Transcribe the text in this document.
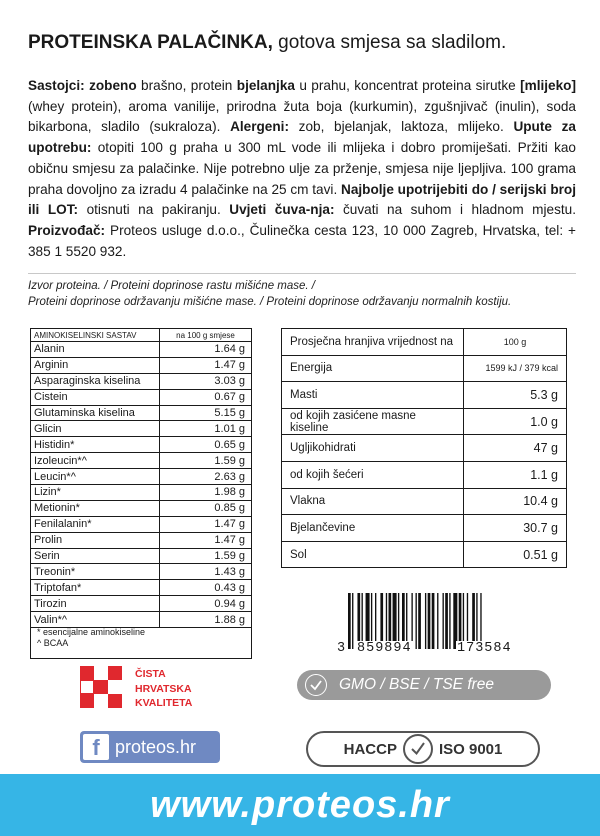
PROTEINSKA PALAČINKA, gotova smjesa sa sladilom.
Sastojci: zobeno brašno, protein bjelanjka u prahu, koncentrat proteina sirutke [mlijeko] (whey protein), aroma vanilije, prirodna žuta boja (kurkumin), zgušnjivač (inulin), soda bikarbona, sladilo (sukraloza). Alergeni: zob, bjelanjak, laktoza, mlijeko. Upute za upotrebu: otopiti 100 g praha u 300 mL vode ili mlijeka i dobro promiješati. Pržiti kao običnu smjesu za palačinke. Nije potrebno ulje za prženje, smjesa nije ljepljiva. 100 grama praha dovoljno za izradu 4 palačinke na 25 cm tavi. Najbolje upotrijebiti do / serijski broj ili LOT: otisnuti na pakiranju. Uvjeti čuva-nja: čuvati na suhom i hladnom mjestu. Proizvođač: Proteos usluge d.o.o., Čulinečka cesta 123, 10 000 Zagreb, Hrvatska, tel: + 385 1 5520 932.
Izvor proteina. / Proteini doprinose rastu mišićne mase. /
Proteini doprinose održavanju mišićne mase. / Proteini doprinose održavanju normalnih kostiju.
AMINOKISELINSKI SASTAV	na 100 g smjese
Alanin	1.64 g
Arginin	1.47 g
Asparaginska kiselina	3.03 g
Cistein	0.67 g
Glutaminska kiselina	5.15 g
Glicin	1.01 g
Histidin*	0.65 g
Izoleucin*^	1.59 g
Leucin*^	2.63 g
Lizin*	1.98 g
Metionin*	0.85 g
Fenilalanin*	1.47 g
Prolin	1.47 g
Serin	1.59 g
Treonin*	1.43 g
Triptofan*	0.43 g
Tirozin	0.94 g
Valin*^	1.88 g
* esencijalne aminokiseline
^ BCAA
Prosječna hranjiva vrijednost na	100 g
Energija	1599 kJ / 379 kcal
Masti	5.3 g
od kojih zasićene masne kiseline	1.0 g
Ugljikohidrati	47 g
od kojih šećeri	1.1 g
Vlakna	10.4 g
Bjelančevine	30.7 g
Sol	0.51 g
ČISTA
HRVATSKA
KVALITETA
3 859894	173584
GMO / BSE / TSE free
f proteos.hr	HACCP	ISO 9001
www.proteos.hr
